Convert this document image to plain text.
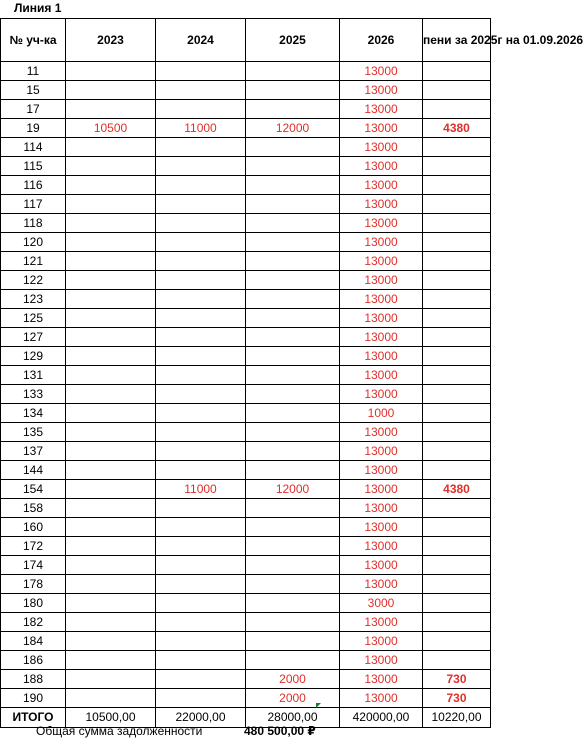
Линия 1
№ уч-ка	2023	2024	2025	2026	пени за 2025г на 01.09.2026
11				13000	
15				13000	
17				13000	
19	10500	11000	12000	13000	4380
114				13000	
115				13000	
116				13000	
117				13000	
118				13000	
120				13000	
121				13000	
122				13000	
123				13000	
125				13000	
127				13000	
129				13000	
131				13000	
133				13000	
134				1000	
135				13000	
137				13000	
144				13000	
154		11000	12000	13000	4380
158				13000	
160				13000	
172				13000	
174				13000	
178				13000	
180				3000	
182				13000	
184				13000	
186				13000	
188			2000	13000	730
190			2000	13000	730
ИТОГО	10500,00	22000,00	28000,00	420000,00	10220,00
Общая сумма задолженности	480 500,00 ₽
